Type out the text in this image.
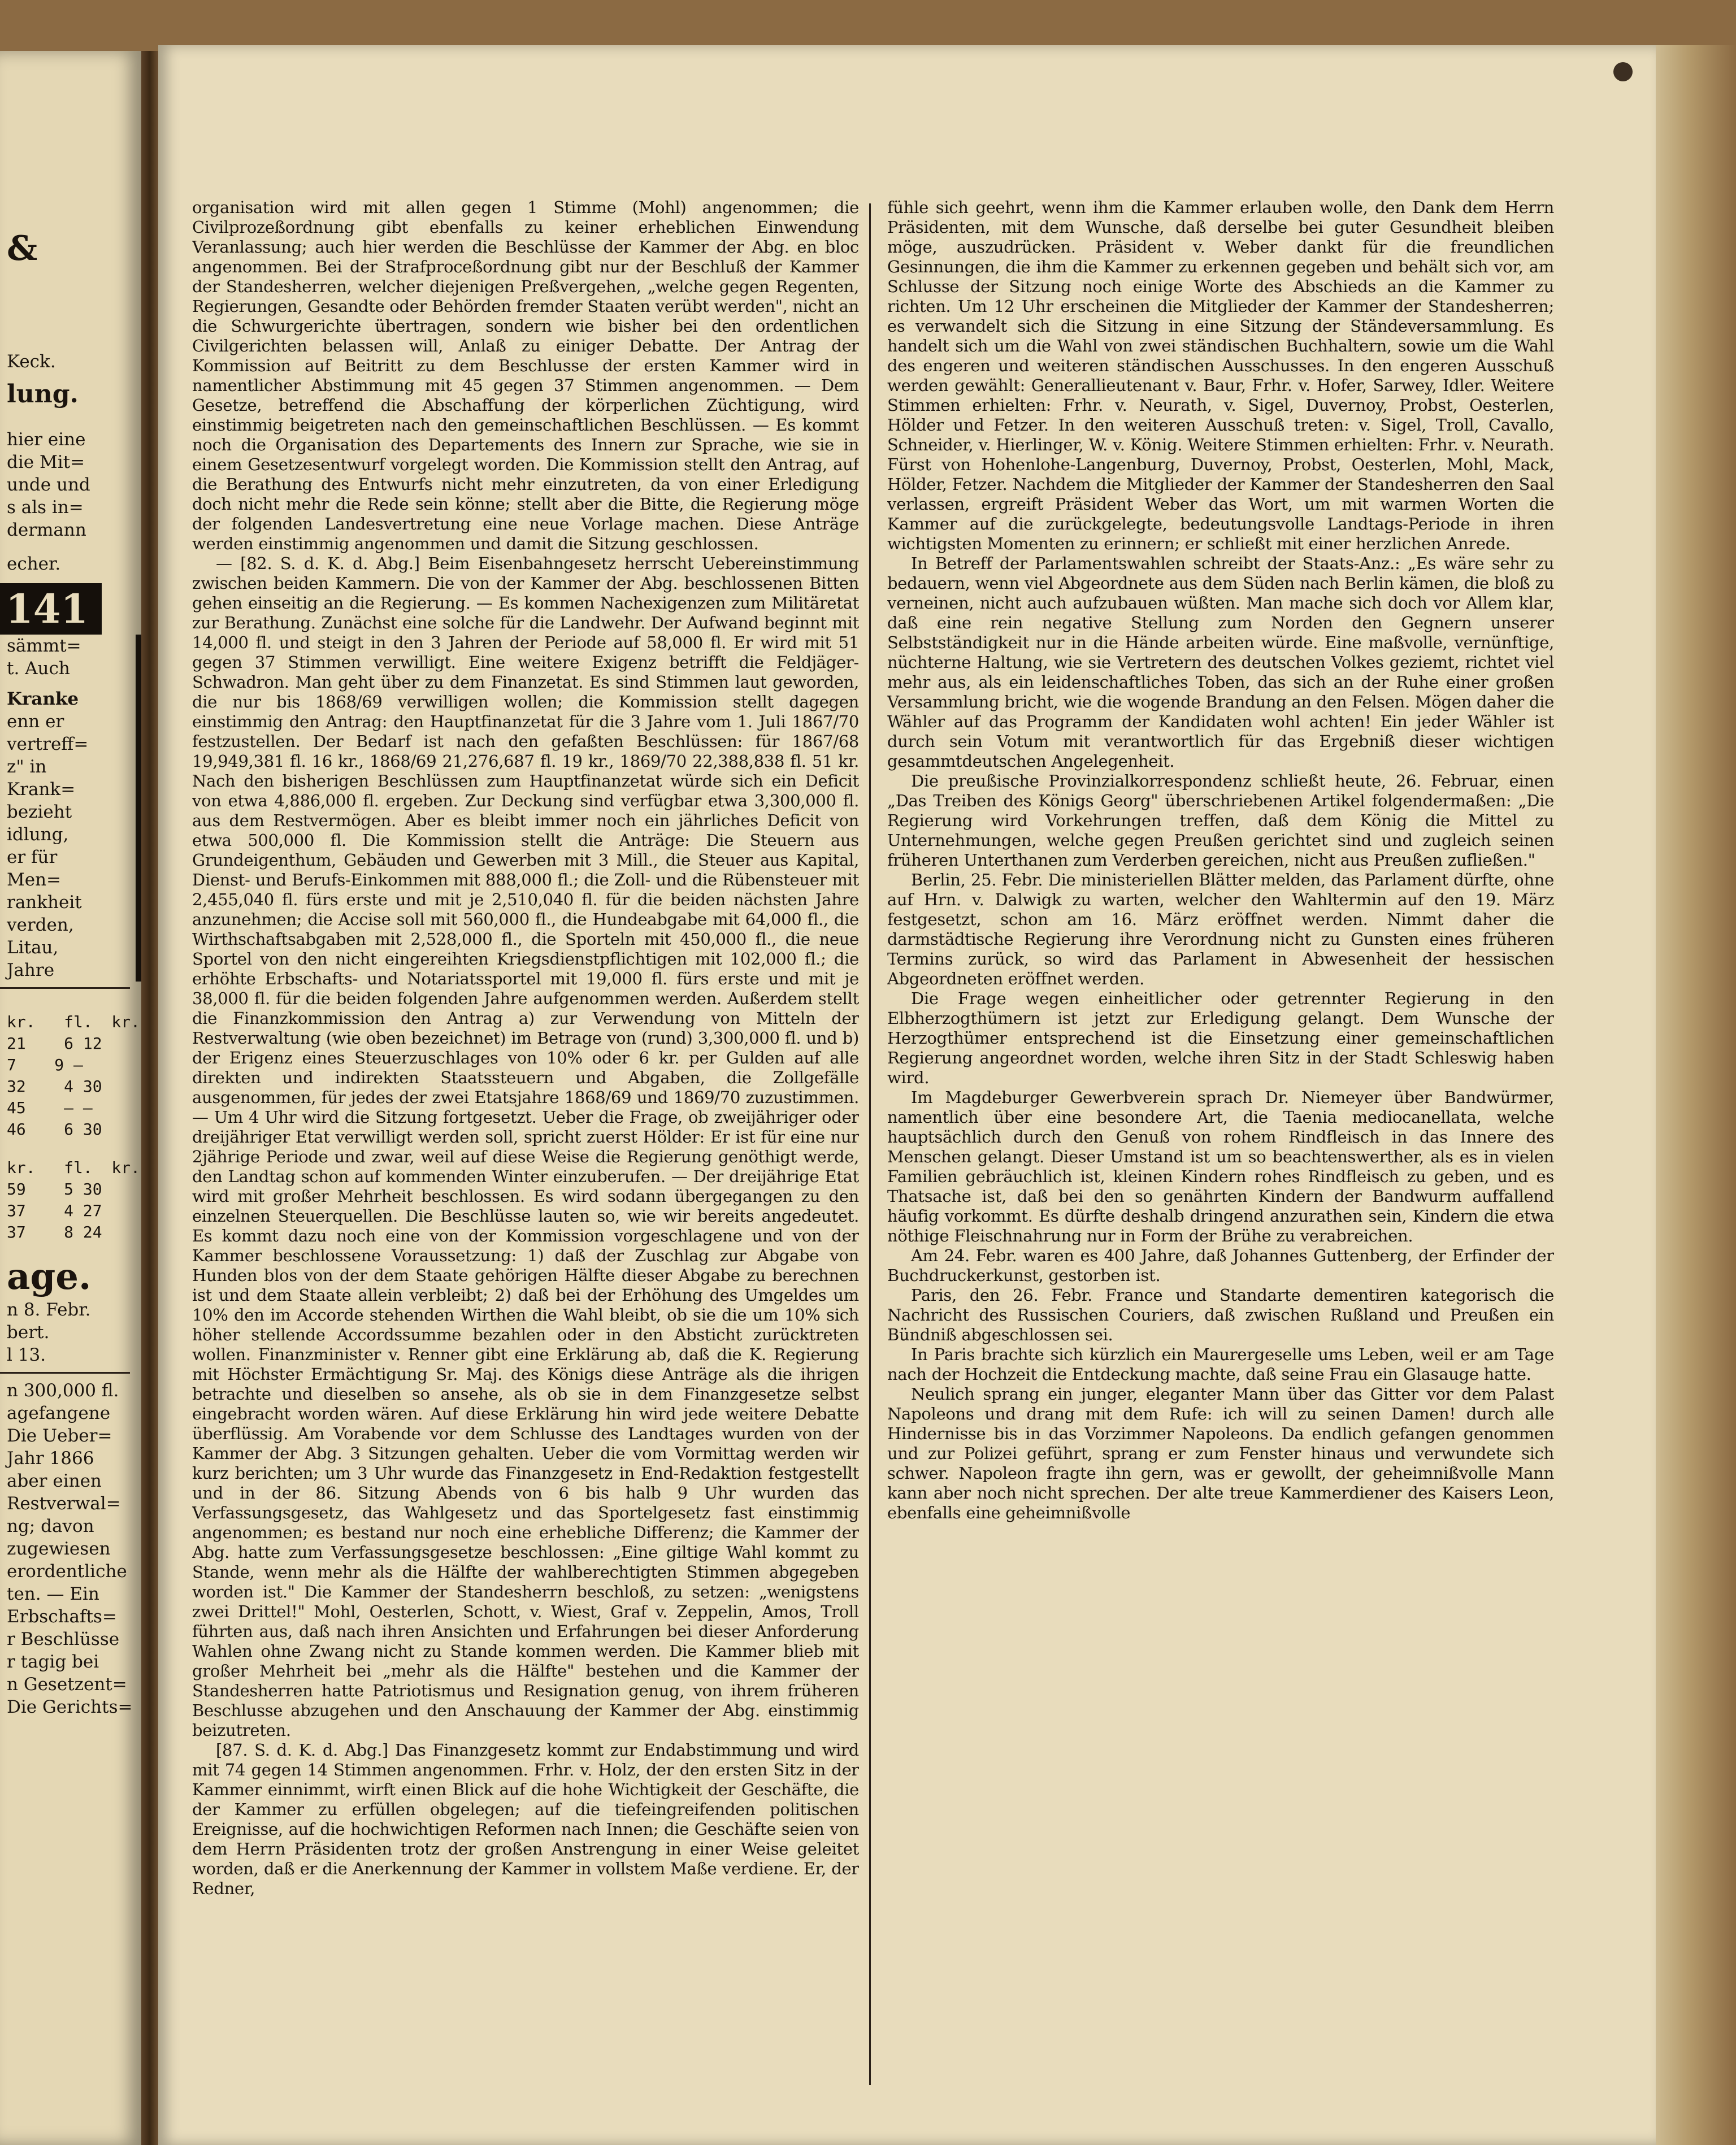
&
Keck.
lung.
hier eine
die Mit=
unde und
s als in=
dermann
echer.
141
sämmt=
t. Auch
Kranke
enn er
vertreff=
z" in
Krank=
bezieht
idlung,
er für
Men=
rankheit
verden,
Litau,
Jahre
kr.   fl.  kr.
21    6 12
7    9 —
32    4 30
45    — —
46    6 30
kr.   fl.  kr.
59    5 30
37    4 27
37    8 24
age.
n 8. Febr.
bert.
l 13.
n 300,000 fl.
agefangene
Die Ueber=
Jahr 1866
aber einen
Restverwal=
ng; davon
zugewiesen
erordentliche
ten. — Ein
Erbschafts=
r Beschlüsse
r tagig bei
n Gesetzent=
Die Gerichts=

organisation wird mit allen gegen 1 Stimme (Mohl) angenommen; die Civilprozeßordnung gibt ebenfalls zu keiner erheblichen Einwendung Veranlassung; auch hier werden die Beschlüsse der Kammer der Abg. en bloc angenommen. Bei der Strafproceßordnung gibt nur der Beschluß der Kammer der Standesherren, welcher diejenigen Preßvergehen, „welche gegen Regenten, Regierungen, Gesandte oder Behörden fremder Staaten verübt werden", nicht an die Schwurgerichte übertragen, sondern wie bisher bei den ordentlichen Civilgerichten belassen will, Anlaß zu einiger Debatte. Der Antrag der Kommission auf Beitritt zu dem Beschlusse der ersten Kammer wird in namentlicher Abstimmung mit 45 gegen 37 Stimmen angenommen. — Dem Gesetze, betreffend die Abschaffung der körperlichen Züchtigung, wird einstimmig beigetreten nach den gemeinschaftlichen Beschlüssen. — Es kommt noch die Organisation des Departements des Innern zur Sprache, wie sie in einem Gesetzesentwurf vorgelegt worden. Die Kommission stellt den Antrag, auf die Berathung des Entwurfs nicht mehr einzutreten, da von einer Erledigung doch nicht mehr die Rede sein könne; stellt aber die Bitte, die Regierung möge der folgenden Landesvertretung eine neue Vorlage machen. Diese Anträge werden einstimmig angenommen und damit die Sitzung geschlossen.

— [82. S. d. K. d. Abg.] Beim Eisenbahngesetz herrscht Uebereinstimmung zwischen beiden Kammern. Die von der Kammer der Abg. beschlossenen Bitten gehen einseitig an die Regierung. — Es kommen Nachexigenzen zum Militäretat zur Berathung. Zunächst eine solche für die Landwehr. Der Aufwand beginnt mit 14,000 fl. und steigt in den 3 Jahren der Periode auf 58,000 fl. Er wird mit 51 gegen 37 Stimmen verwilligt. Eine weitere Exigenz betrifft die Feldjäger-Schwadron. Man geht über zu dem Finanzetat. Es sind Stimmen laut geworden, die nur bis 1868/69 verwilligen wollen; die Kommission stellt dagegen einstimmig den Antrag: den Hauptfinanzetat für die 3 Jahre vom 1. Juli 1867/70 festzustellen. Der Bedarf ist nach den gefaßten Beschlüssen: für 1867/68 19,949,381 fl. 16 kr., 1868/69 21,276,687 fl. 19 kr., 1869/70 22,388,838 fl. 51 kr. Nach den bisherigen Beschlüssen zum Hauptfinanzetat würde sich ein Deficit von etwa 4,886,000 fl. ergeben. Zur Deckung sind verfügbar etwa 3,300,000 fl. aus dem Restvermögen. Aber es bleibt immer noch ein jährliches Deficit von etwa 500,000 fl. Die Kommission stellt die Anträge: Die Steuern aus Grundeigenthum, Gebäuden und Gewerben mit 3 Mill., die Steuer aus Kapital, Dienst- und Berufs-Einkommen mit 888,000 fl.; die Zoll- und die Rübensteuer mit 2,455,040 fl. fürs erste und mit je 2,510,040 fl. für die beiden nächsten Jahre anzunehmen; die Accise soll mit 560,000 fl., die Hundeabgabe mit 64,000 fl., die Wirthschaftsabgaben mit 2,528,000 fl., die Sporteln mit 450,000 fl., die neue Sportel von den nicht eingereihten Kriegsdienstpflichtigen mit 102,000 fl.; die erhöhte Erbschafts- und Notariatssportel mit 19,000 fl. fürs erste und mit je 38,000 fl. für die beiden folgenden Jahre aufgenommen werden. Außerdem stellt die Finanzkommission den Antrag a) zur Verwendung von Mitteln der Restverwaltung (wie oben bezeichnet) im Betrage von (rund) 3,300,000 fl. und b) der Erigenz eines Steuerzuschlages von 10% oder 6 kr. per Gulden auf alle direkten und indirekten Staatssteuern und Abgaben, die Zollgefälle ausgenommen, für jedes der zwei Etatsjahre 1868/69 und 1869/70 zuzustimmen. — Um 4 Uhr wird die Sitzung fortgesetzt. Ueber die Frage, ob zweijähriger oder dreijähriger Etat verwilligt werden soll, spricht zuerst Hölder: Er ist für eine nur 2jährige Periode und zwar, weil auf diese Weise die Regierung genöthigt werde, den Landtag schon auf kommenden Winter einzuberufen. — Der dreijährige Etat wird mit großer Mehrheit beschlossen. Es wird sodann übergegangen zu den einzelnen Steuerquellen. Die Beschlüsse lauten so, wie wir bereits angedeutet. Es kommt dazu noch eine von der Kommission vorgeschlagene und von der Kammer beschlossene Voraussetzung: 1) daß der Zuschlag zur Abgabe von Hunden blos von der dem Staate gehörigen Hälfte dieser Abgabe zu berechnen ist und dem Staate allein verbleibt; 2) daß bei der Erhöhung des Umgeldes um 10% den im Accorde stehenden Wirthen die Wahl bleibt, ob sie die um 10% sich höher stellende Accordssumme bezahlen oder in den Absticht zurücktreten wollen. Finanzminister v. Renner gibt eine Erklärung ab, daß die K. Regierung mit Höchster Ermächtigung Sr. Maj. des Königs diese Anträge als die ihrigen betrachte und dieselben so ansehe, als ob sie in dem Finanzgesetze selbst eingebracht worden wären. Auf diese Erklärung hin wird jede weitere Debatte überflüssig. Am Vorabende vor dem Schlusse des Landtages wurden von der Kammer der Abg. 3 Sitzungen gehalten. Ueber die vom Vormittag werden wir kurz berichten; um 3 Uhr wurde das Finanzgesetz in End-Redaktion festgestellt und in der 86. Sitzung Abends von 6 bis halb 9 Uhr wurden das Verfassungsgesetz, das Wahlgesetz und das Sportelgesetz fast einstimmig angenommen; es bestand nur noch eine erhebliche Differenz; die Kammer der Abg. hatte zum Verfassungsgesetze beschlossen: „Eine giltige Wahl kommt zu Stande, wenn mehr als die Hälfte der wahlberechtigten Stimmen abgegeben worden ist." Die Kammer der Standesherrn beschloß, zu setzen: „wenigstens zwei Drittel!" Mohl, Oesterlen, Schott, v. Wiest, Graf v. Zeppelin, Amos, Troll führten aus, daß nach ihren Ansichten und Erfahrungen bei dieser Anforderung Wahlen ohne Zwang nicht zu Stande kommen werden. Die Kammer blieb mit großer Mehrheit bei „mehr als die Hälfte" bestehen und die Kammer der Standesherren hatte Patriotismus und Resignation genug, von ihrem früheren Beschlusse abzugehen und den Anschauung der Kammer der Abg. einstimmig beizutreten.

[87. S. d. K. d. Abg.] Das Finanzgesetz kommt zur Endabstimmung und wird mit 74 gegen 14 Stimmen angenommen. Frhr. v. Holz, der den ersten Sitz in der Kammer einnimmt, wirft einen Blick auf die hohe Wichtigkeit der Geschäfte, die der Kammer zu erfüllen obgelegen; auf die tiefeingreifenden politischen Ereignisse, auf die hochwichtigen Reformen nach Innen; die Geschäfte seien von dem Herrn Präsidenten trotz der großen Anstrengung in einer Weise geleitet worden, daß er die Anerkennung der Kammer in vollstem Maße verdiene. Er, der Redner,

fühle sich geehrt, wenn ihm die Kammer erlauben wolle, den Dank dem Herrn Präsidenten, mit dem Wunsche, daß derselbe bei guter Gesundheit bleiben möge, auszudrücken. Präsident v. Weber dankt für die freundlichen Gesinnungen, die ihm die Kammer zu erkennen gegeben und behält sich vor, am Schlusse der Sitzung noch einige Worte des Abschieds an die Kammer zu richten. Um 12 Uhr erscheinen die Mitglieder der Kammer der Standesherren; es verwandelt sich die Sitzung in eine Sitzung der Ständeversammlung. Es handelt sich um die Wahl von zwei ständischen Buchhaltern, sowie um die Wahl des engeren und weiteren ständischen Ausschusses. In den engeren Ausschuß werden gewählt: Generallieutenant v. Baur, Frhr. v. Hofer, Sarwey, Idler. Weitere Stimmen erhielten: Frhr. v. Neurath, v. Sigel, Duvernoy, Probst, Oesterlen, Hölder und Fetzer. In den weiteren Ausschuß treten: v. Sigel, Troll, Cavallo, Schneider, v. Hierlinger, W. v. König. Weitere Stimmen erhielten: Frhr. v. Neurath. Fürst von Hohenlohe-Langenburg, Duvernoy, Probst, Oesterlen, Mohl, Mack, Hölder, Fetzer. Nachdem die Mitglieder der Kammer der Standesherren den Saal verlassen, ergreift Präsident Weber das Wort, um mit warmen Worten die Kammer auf die zurückgelegte, bedeutungsvolle Landtags-Periode in ihren wichtigsten Momenten zu erinnern; er schließt mit einer herzlichen Anrede.

In Betreff der Parlamentswahlen schreibt der Staats-Anz.: „Es wäre sehr zu bedauern, wenn viel Abgeordnete aus dem Süden nach Berlin kämen, die bloß zu verneinen, nicht auch aufzubauen wüßten. Man mache sich doch vor Allem klar, daß eine rein negative Stellung zum Norden den Gegnern unserer Selbstständigkeit nur in die Hände arbeiten würde. Eine maßvolle, vernünftige, nüchterne Haltung, wie sie Vertretern des deutschen Volkes geziemt, richtet viel mehr aus, als ein leidenschaftliches Toben, das sich an der Ruhe einer großen Versammlung bricht, wie die wogende Brandung an den Felsen. Mögen daher die Wähler auf das Programm der Kandidaten wohl achten! Ein jeder Wähler ist durch sein Votum mit verantwortlich für das Ergebniß dieser wichtigen gesammtdeutschen Angelegenheit.

Die preußische Provinzialkorrespondenz schließt heute, 26. Februar, einen „Das Treiben des Königs Georg" überschriebenen Artikel folgendermaßen: „Die Regierung wird Vorkehrungen treffen, daß dem König die Mittel zu Unternehmungen, welche gegen Preußen gerichtet sind und zugleich seinen früheren Unterthanen zum Verderben gereichen, nicht aus Preußen zufließen."

Berlin, 25. Febr. Die ministeriellen Blätter melden, das Parlament dürfte, ohne auf Hrn. v. Dalwigk zu warten, welcher den Wahltermin auf den 19. März festgesetzt, schon am 16. März eröffnet werden. Nimmt daher die darmstädtische Regierung ihre Verordnung nicht zu Gunsten eines früheren Termins zurück, so wird das Parlament in Abwesenheit der hessischen Abgeordneten eröffnet werden.

Die Frage wegen einheitlicher oder getrennter Regierung in den Elbherzogthümern ist jetzt zur Erledigung gelangt. Dem Wunsche der Herzogthümer entsprechend ist die Einsetzung einer gemeinschaftlichen Regierung angeordnet worden, welche ihren Sitz in der Stadt Schleswig haben wird.

Im Magdeburger Gewerbverein sprach Dr. Niemeyer über Bandwürmer, namentlich über eine besondere Art, die Taenia mediocanellata, welche hauptsächlich durch den Genuß von rohem Rindfleisch in das Innere des Menschen gelangt. Dieser Umstand ist um so beachtenswerther, als es in vielen Familien gebräuchlich ist, kleinen Kindern rohes Rindfleisch zu geben, und es Thatsache ist, daß bei den so genährten Kindern der Bandwurm auffallend häufig vorkommt. Es dürfte deshalb dringend anzurathen sein, Kindern die etwa nöthige Fleischnahrung nur in Form der Brühe zu verabreichen.

Am 24. Febr. waren es 400 Jahre, daß Johannes Guttenberg, der Erfinder der Buchdruckerkunst, gestorben ist.

Paris, den 26. Febr. France und Standarte dementiren kategorisch die Nachricht des Russischen Couriers, daß zwischen Rußland und Preußen ein Bündniß abgeschlossen sei.

In Paris brachte sich kürzlich ein Maurergeselle ums Leben, weil er am Tage nach der Hochzeit die Entdeckung machte, daß seine Frau ein Glasauge hatte.

Neulich sprang ein junger, eleganter Mann über das Gitter vor dem Palast Napoleons und drang mit dem Rufe: ich will zu seinen Damen! durch alle Hindernisse bis in das Vorzimmer Napoleons. Da endlich gefangen genommen und zur Polizei geführt, sprang er zum Fenster hinaus und verwundete sich schwer. Napoleon fragte ihn gern, was er gewollt, der geheimnißvolle Mann kann aber noch nicht sprechen. Der alte treue Kammerdiener des Kaisers Leon, ebenfalls eine geheimnißvolle
